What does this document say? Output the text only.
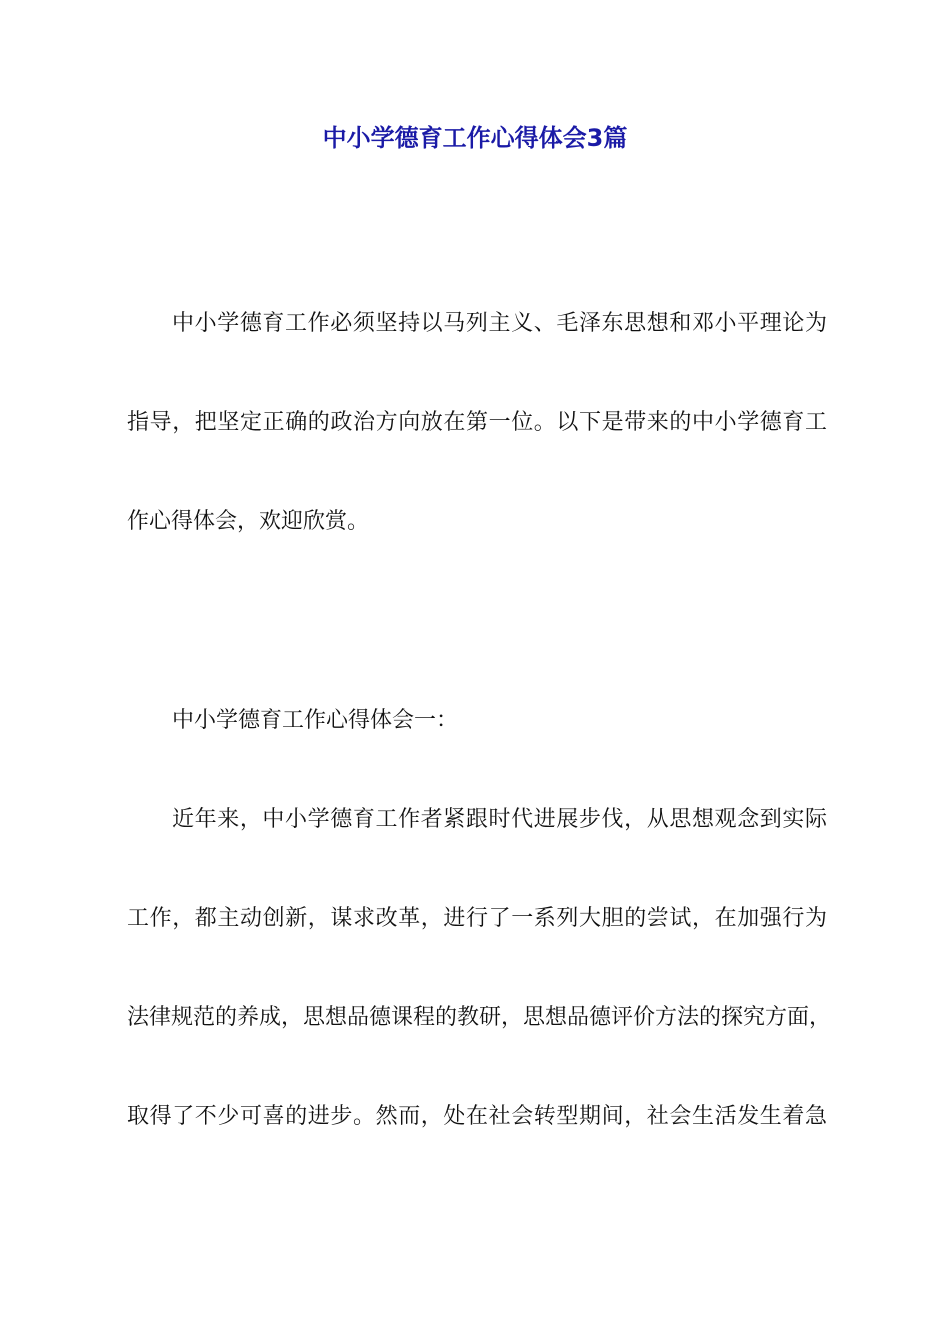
中小学德育工作心得体会3篇
中小学德育工作必须坚持以马列主义、毛泽东思想和邓小平理论为
指导，把坚定正确的政治方向放在第一位。以下是带来的中小学德育工
作心得体会，欢迎欣赏。
中小学德育工作心得体会一：
近年来，中小学德育工作者紧跟时代进展步伐，从思想观念到实际
工作，都主动创新，谋求改革，进行了一系列大胆的尝试，在加强行为
法律规范的养成，思想品德课程的教研，思想品德评价方法的探究方面，
取得了不少可喜的进步。然而，处在社会转型期间，社会生活发生着急
